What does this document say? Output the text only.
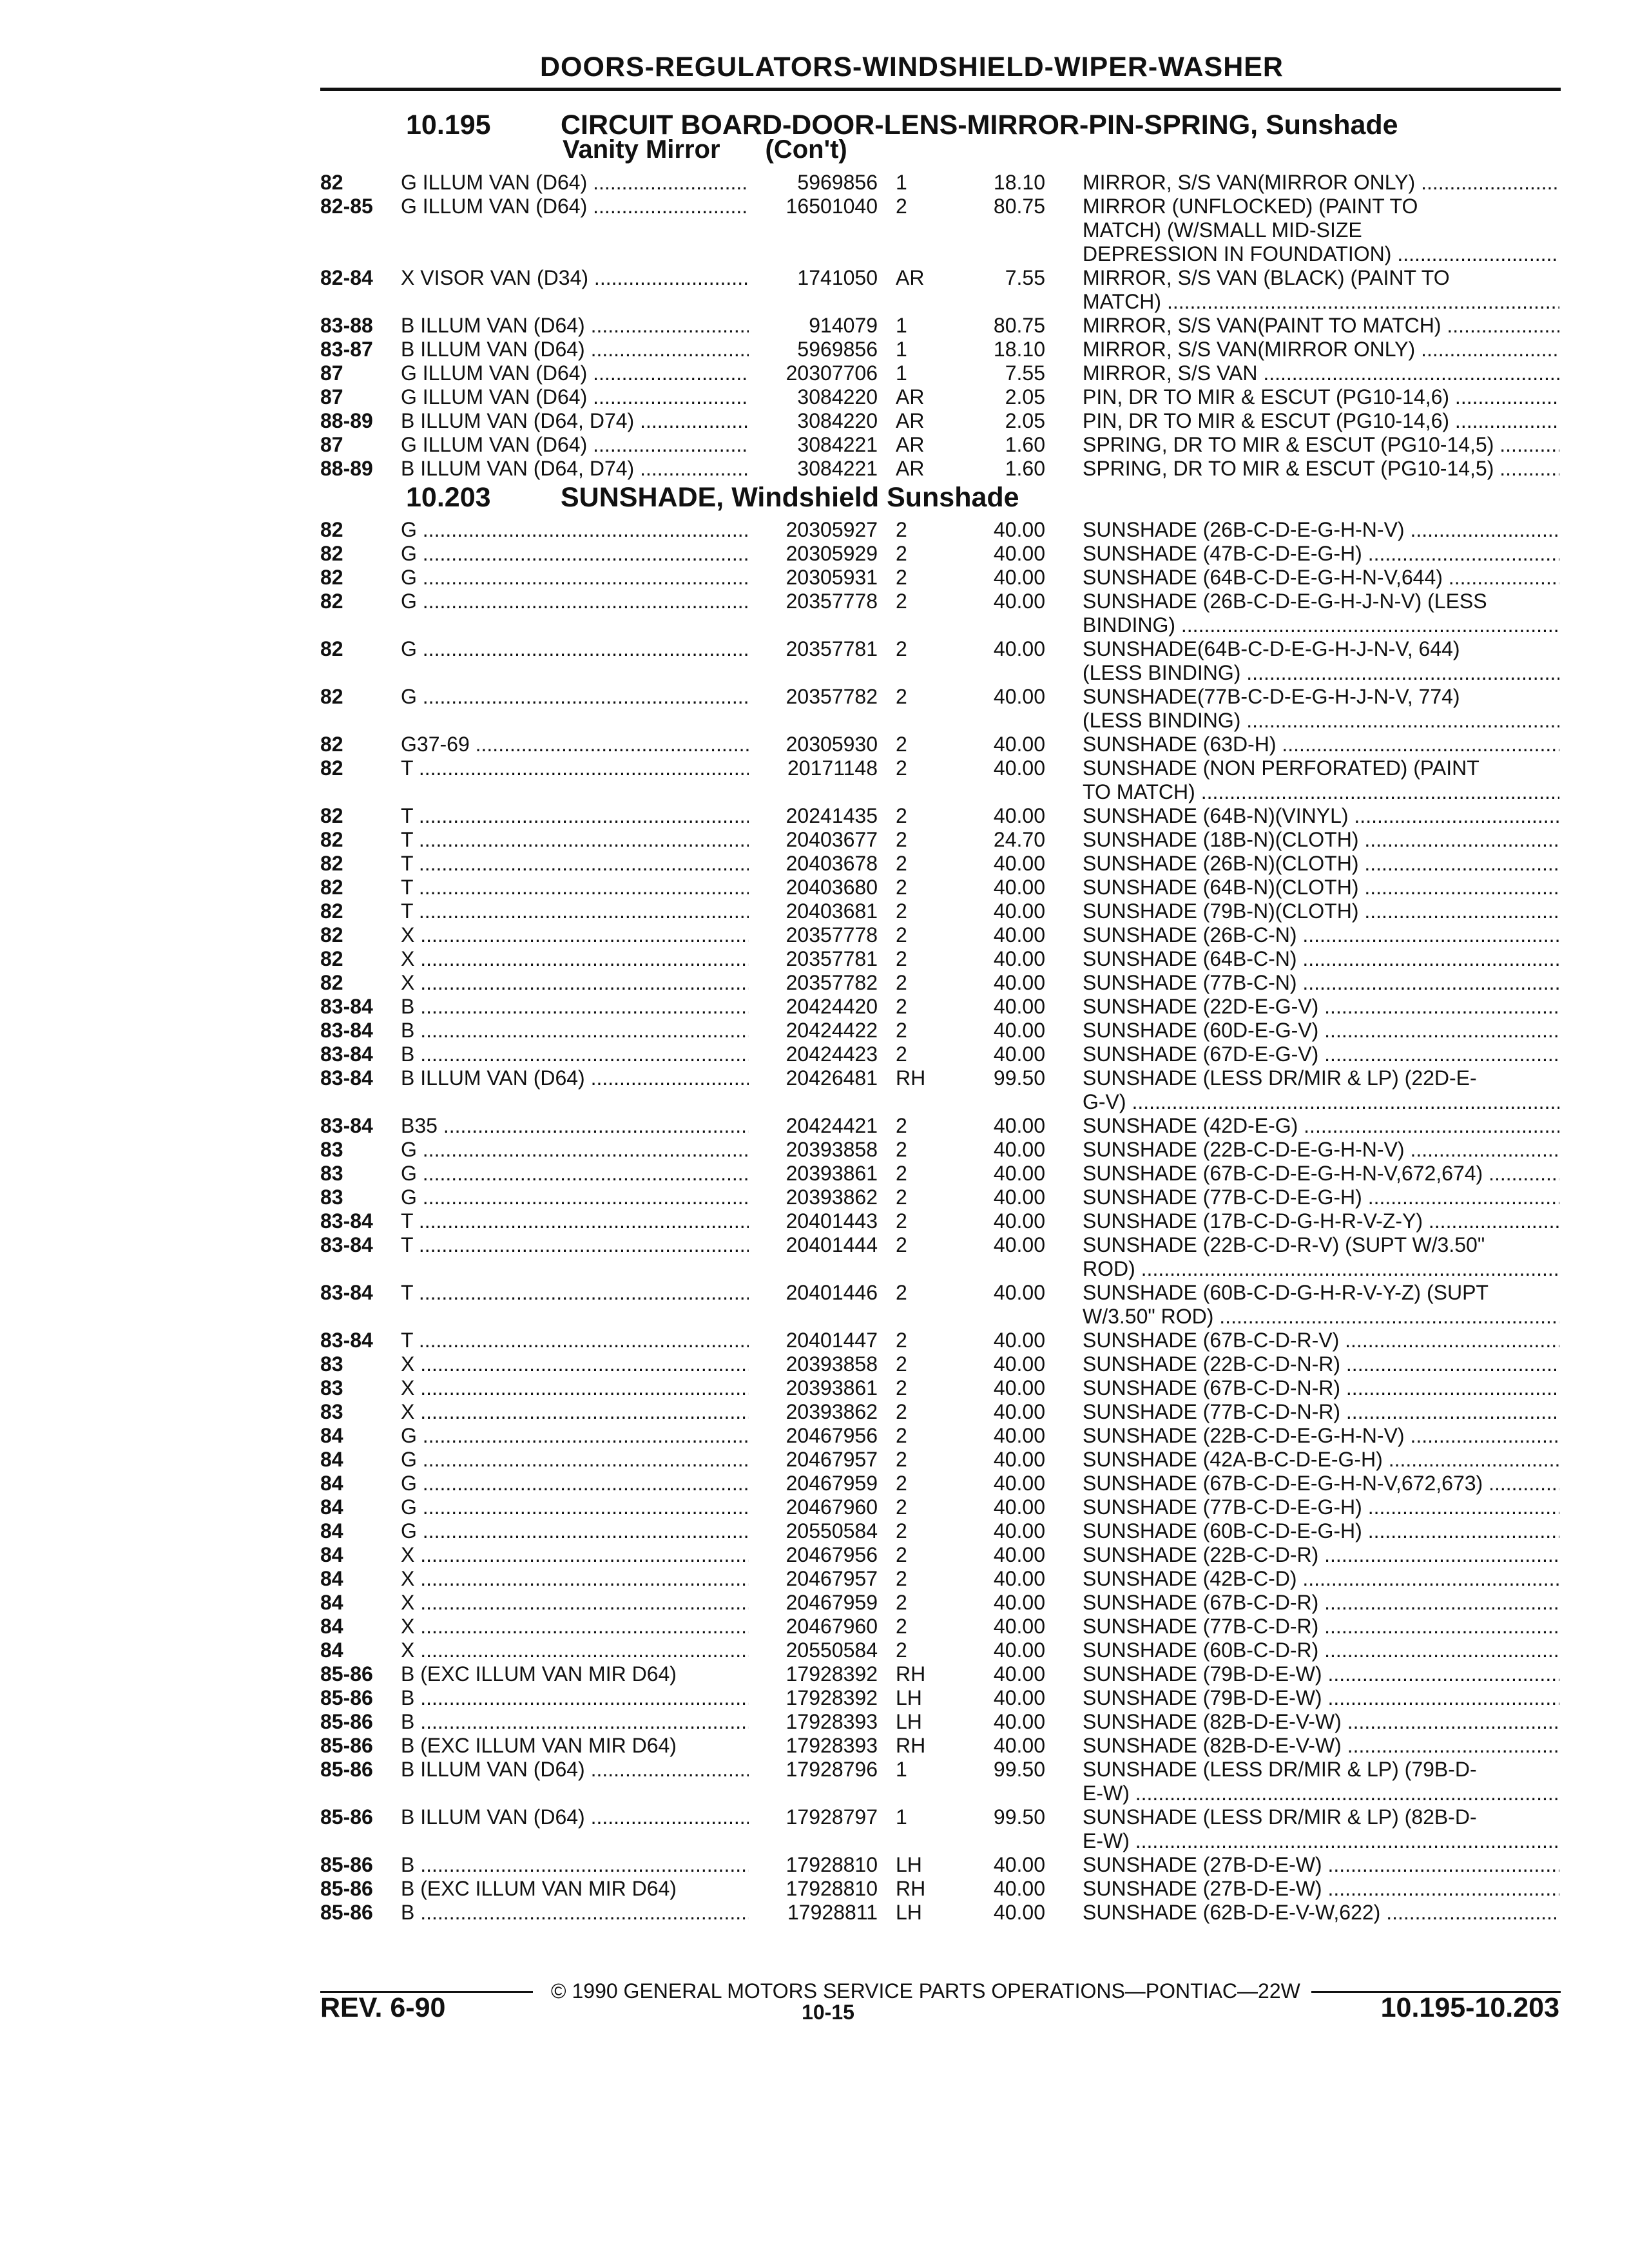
DOORS-REGULATORS-WINDSHIELD-WIPER-WASHER
10.195	CIRCUIT BOARD-DOOR-LENS-MIRROR-PIN-SPRING, Sunshade
Vanity Mirror (Con't)
82	G ILLUM VAN (D64) .....	5969856 1	18.10 MIRROR, S/S VAN(MIRROR ONLY) .....
82-85 G ILLUM VAN (D64) .....	16501040 2	80.75 MIRROR (UNFLOCKED) (PAINT TO
MATCH) (W/SMALL MID-SIZE
DEPRESSION IN FOUNDATION) .....
82-84 X VISOR VAN (D34) .....	1741050 AR	7.55 MIRROR, S/S VAN (BLACK) (PAINT TO
MATCH) .....
83-88 B ILLUM VAN (D64) .....	914079 1	80.75 MIRROR, S/S VAN(PAINT TO MATCH) .....
83-87 B ILLUM VAN (D64) .....	5969856 1	18.10 MIRROR, S/S VAN(MIRROR ONLY) .....
87	G ILLUM VAN (D64) .....	20307706 1	7.55 MIRROR, S/S VAN .....
87	G ILLUM VAN (D64) .....	3084220 AR	2.05 PIN, DR TO MIR & ESCUT (PG10-14,6) .....
88-89 B ILLUM VAN (D64, D74) .....	3084220 AR	2.05 PIN, DR TO MIR & ESCUT (PG10-14,6) .....
87	G ILLUM VAN (D64) .....	3084221 AR	1.60 SPRING, DR TO MIR & ESCUT (PG10-14,5) .....
88-89 B ILLUM VAN (D64, D74) .....	3084221 AR	1.60 SPRING, DR TO MIR & ESCUT (PG10-14,5) .....
10.203	SUNSHADE, Windshield Sunshade
82	G .....	20305927 2	40.00 SUNSHADE (26B-C-D-E-G-H-N-V) .....
82	G .....	20305929 2	40.00 SUNSHADE (47B-C-D-E-G-H) .....
82	G .....	20305931 2	40.00 SUNSHADE (64B-C-D-E-G-H-N-V,644) .....
82	G .....	20357778 2	40.00 SUNSHADE (26B-C-D-E-G-H-J-N-V) (LESS
BINDING) .....
82	G .....	20357781 2	40.00 SUNSHADE(64B-C-D-E-G-H-J-N-V, 644)
(LESS BINDING) .....
82	G .....	20357782 2	40.00 SUNSHADE(77B-C-D-E-G-H-J-N-V, 774)
(LESS BINDING) .....
82	G37-69 .....	20305930 2	40.00 SUNSHADE (63D-H) .....
82	T .....	20171148 2	40.00 SUNSHADE (NON PERFORATED) (PAINT
TO MATCH) .....
82	T .....	20241435 2	40.00 SUNSHADE (64B-N)(VINYL) .....
82	T .....	20403677 2	24.70 SUNSHADE (18B-N)(CLOTH) .....
82	T .....	20403678 2	40.00 SUNSHADE (26B-N)(CLOTH) .....
82	T .....	20403680 2	40.00 SUNSHADE (64B-N)(CLOTH) .....
82	T .....	20403681 2	40.00 SUNSHADE (79B-N)(CLOTH) .....
82	X .....	20357778 2	40.00 SUNSHADE (26B-C-N) .....
82	X .....	20357781 2	40.00 SUNSHADE (64B-C-N) .....
82	X .....	20357782 2	40.00 SUNSHADE (77B-C-N) .....
83-84 B .....	20424420 2	40.00 SUNSHADE (22D-E-G-V) .....
83-84 B .....	20424422 2	40.00 SUNSHADE (60D-E-G-V) .....
83-84 B .....	20424423 2	40.00 SUNSHADE (67D-E-G-V) .....
83-84 B ILLUM VAN (D64) .....	20426481 RH	99.50 SUNSHADE (LESS DR/MIR & LP) (22D-E-
G-V) .....
83-84 B35 .....	20424421 2	40.00 SUNSHADE (42D-E-G) .....
83	G .....	20393858 2	40.00 SUNSHADE (22B-C-D-E-G-H-N-V) .....
83	G .....	20393861 2	40.00 SUNSHADE (67B-C-D-E-G-H-N-V,672,674) .....
83	G .....	20393862 2	40.00 SUNSHADE (77B-C-D-E-G-H) .....
83-84 T .....	20401443 2	40.00 SUNSHADE (17B-C-D-G-H-R-V-Z-Y) .....
83-84 T .....	20401444 2	40.00 SUNSHADE (22B-C-D-R-V) (SUPT W/3.50"
ROD) .....
83-84 T .....	20401446 2	40.00 SUNSHADE (60B-C-D-G-H-R-V-Y-Z) (SUPT
W/3.50" ROD) .....
83-84 T .....	20401447 2	40.00 SUNSHADE (67B-C-D-R-V) .....
83	X .....	20393858 2	40.00 SUNSHADE (22B-C-D-N-R) .....
83	X .....	20393861 2	40.00 SUNSHADE (67B-C-D-N-R) .....
83	X .....	20393862 2	40.00 SUNSHADE (77B-C-D-N-R) .....
84	G .....	20467956 2	40.00 SUNSHADE (22B-C-D-E-G-H-N-V) .....
84	G .....	20467957 2	40.00 SUNSHADE (42A-B-C-D-E-G-H) .....
84	G .....	20467959 2	40.00 SUNSHADE (67B-C-D-E-G-H-N-V,672,673) .....
84	G .....	20467960 2	40.00 SUNSHADE (77B-C-D-E-G-H) .....
84	G .....	20550584 2	40.00 SUNSHADE (60B-C-D-E-G-H) .....
84	X .....	20467956 2	40.00 SUNSHADE (22B-C-D-R) .....
84	X .....	20467957 2	40.00 SUNSHADE (42B-C-D) .....
84	X .....	20467959 2	40.00 SUNSHADE (67B-C-D-R) .....
84	X .....	20467960 2	40.00 SUNSHADE (77B-C-D-R) .....
84	X .....	20550584 2	40.00 SUNSHADE (60B-C-D-R) .....
85-86 B (EXC ILLUM VAN MIR D64)	17928392 RH	40.00 SUNSHADE (79B-D-E-W) .....
85-86 B .....	17928392 LH	40.00 SUNSHADE (79B-D-E-W) .....
85-86 B .....	17928393 LH	40.00 SUNSHADE (82B-D-E-V-W) .....
85-86 B (EXC ILLUM VAN MIR D64)	17928393 RH	40.00 SUNSHADE (82B-D-E-V-W) .....
85-86 B ILLUM VAN (D64) .....	17928796 1	99.50 SUNSHADE (LESS DR/MIR & LP) (79B-D-
E-W) .....
85-86 B ILLUM VAN (D64) .....	17928797 1	99.50 SUNSHADE (LESS DR/MIR & LP) (82B-D-
E-W) .....
85-86 B .....	17928810 LH	40.00 SUNSHADE (27B-D-E-W) .....
85-86 B (EXC ILLUM VAN MIR D64)	17928810 RH	40.00 SUNSHADE (27B-D-E-W) .....
85-86 B .....	17928811 LH	40.00 SUNSHADE (62B-D-E-V-W,622) .....
© 1990 GENERAL MOTORS SERVICE PARTS OPERATIONS—PONTIAC—22W
REV. 6-90	10-15	10.195-10.203
